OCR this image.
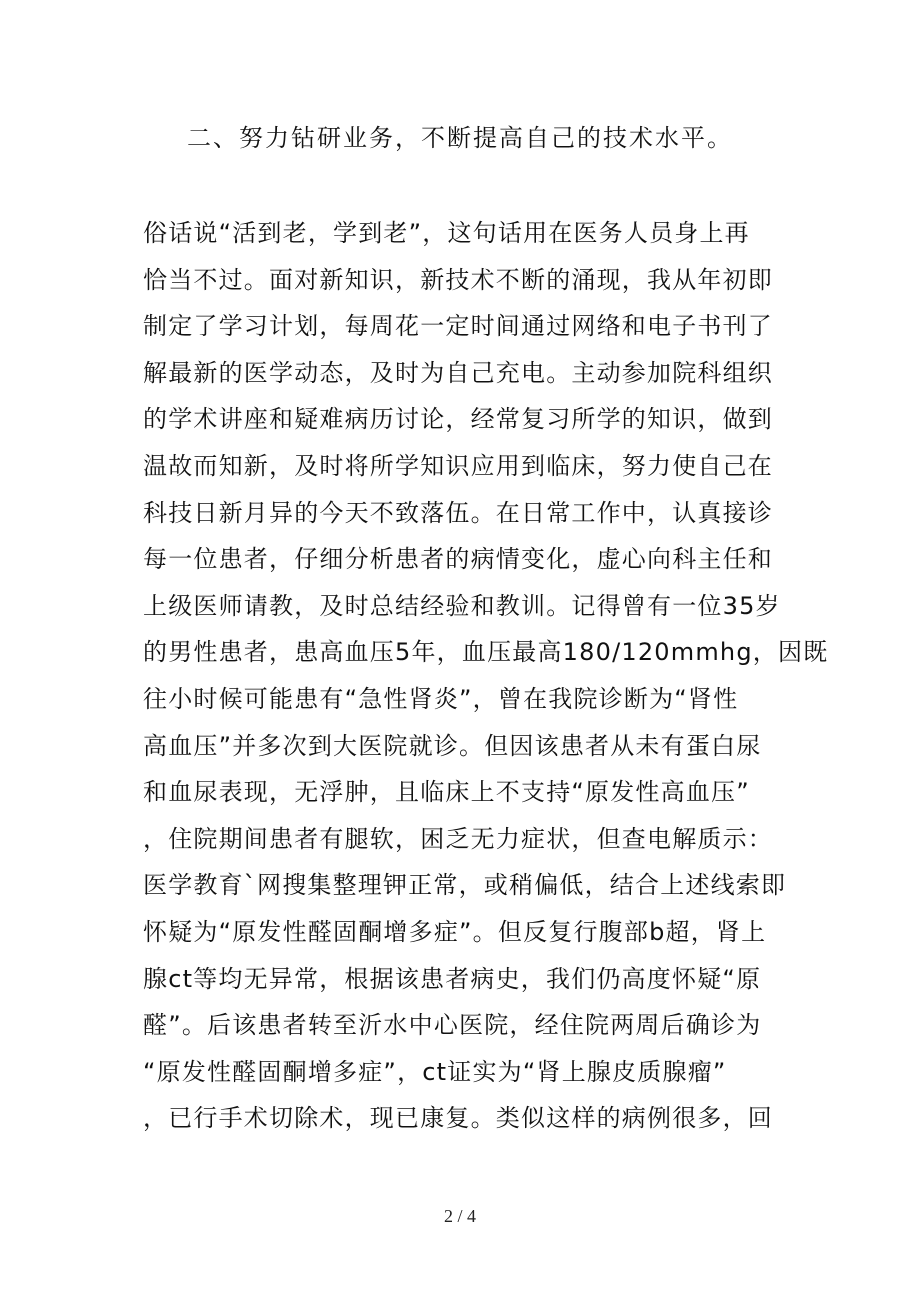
二、努力钻研业务，不断提高自己的技术水平。
俗话说“活到老，学到老”，这句话用在医务人员身上再
恰当不过。面对新知识，新技术不断的涌现，我从年初即
制定了学习计划，每周花一定时间通过网络和电子书刊了
解最新的医学动态，及时为自己充电。主动参加院科组织
的学术讲座和疑难病历讨论，经常复习所学的知识，做到
温故而知新，及时将所学知识应用到临床，努力使自己在
科技日新月异的今天不致落伍。在日常工作中，认真接诊
每一位患者，仔细分析患者的病情变化，虚心向科主任和
上级医师请教，及时总结经验和教训。记得曾有一位35岁
的男性患者，患高血压5年，血压最高180/120mmhg，因既
往小时候可能患有“急性肾炎”，曾在我院诊断为“肾性
高血压”并多次到大医院就诊。但因该患者从未有蛋白尿
和血尿表现，无浮肿，且临床上不支持“原发性高血压”
，住院期间患者有腿软，困乏无力症状，但查电解质示：
医学教育`网搜集整理钾正常，或稍偏低，结合上述线索即
怀疑为“原发性醛固酮增多症”。但反复行腹部b超，肾上
腺ct等均无异常，根据该患者病史，我们仍高度怀疑“原
醛”。后该患者转至沂水中心医院，经住院两周后确诊为
“原发性醛固酮增多症”，ct证实为“肾上腺皮质腺瘤”
，已行手术切除术，现已康复。类似这样的病例很多，回
2 / 4
